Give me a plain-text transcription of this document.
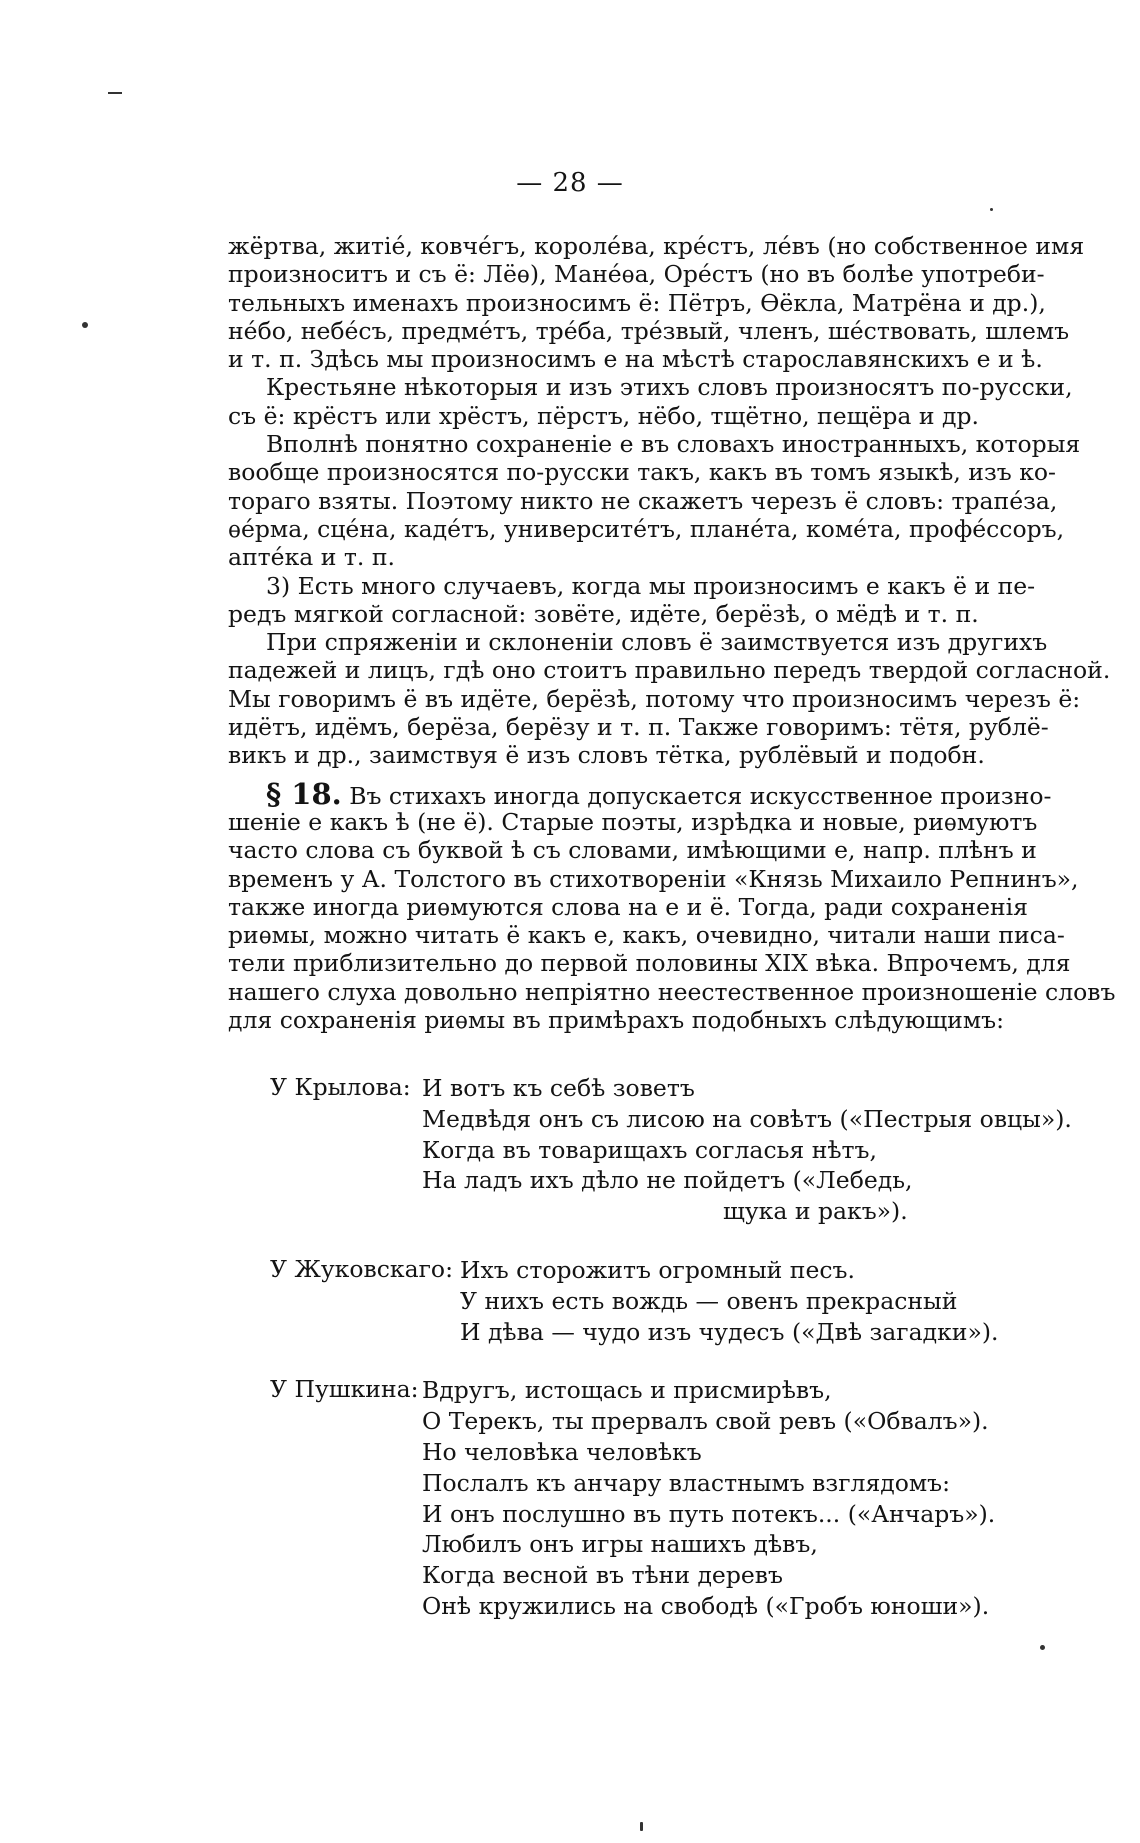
— 28 —
жёртва, житіé, ковчéгъ, королéва, крéстъ, лéвъ (но собственное имя
произноситъ и съ ё: Лёѳ), Манéѳа, Орéстъ (но въ болѣе употреби-
тельныхъ именахъ произносимъ ё: Пётръ, Ѳёкла, Матрёна и др.),
нéбо, небéсъ, предмéтъ, трéба, трéзвый, членъ, шéствовать, шлемъ
и т. п. Здѣсь мы произносимъ е на мѣстѣ старославянскихъ е и ѣ.
Крестьяне нѣкоторыя и изъ этихъ словъ произносятъ по-русски,
съ ё: крёстъ или хрёстъ, пёрстъ, нёбо, тщётно, пещёра и др.
Вполнѣ понятно сохраненіе е въ словахъ иностранныхъ, которыя
вообще произносятся по-русски такъ, какъ въ томъ языкѣ, изъ ко-
тораго взяты. Поэтому никто не скажетъ черезъ ё словъ: трапéза,
ѳéрма, сцéна, кадéтъ, университéтъ, планéта, комéта, профéссоръ,
аптéка и т. п.
3) Есть много случаевъ, когда мы произносимъ е какъ ё и пе-
редъ мягкой согласной: зовёте, идёте, берёзѣ, о мёдѣ и т. п.
При спряженіи и склоненіи словъ ё заимствуется изъ другихъ
падежей и лицъ, гдѣ оно стоитъ правильно передъ твердой согласной.
Мы говоримъ ё въ идёте, берёзѣ, потому что произносимъ черезъ ё:
идётъ, идёмъ, берёза, берёзу и т. п. Также говоримъ: тётя, рублё-
викъ и др., заимствуя ё изъ словъ тётка, рублёвый и подобн.
§ 18. Въ стихахъ иногда допускается искусственное произно-
шеніе е какъ ѣ (не ё). Старые поэты, изрѣдка и новые, риѳмуютъ
часто слова съ буквой ѣ съ словами, имѣющими е, напр. плѣнъ и
временъ у А. Толстого въ стихотвореніи «Князь Михаило Репнинъ»,
также иногда риѳмуются слова на е и ё. Тогда, ради сохраненія
риѳмы, можно читать ё какъ е, какъ, очевидно, читали наши писа-
тели приблизительно до первой половины XIX вѣка. Впрочемъ, для
нашего слуха довольно непріятно неестественное произношеніе словъ
для сохраненія риѳмы въ примѣрахъ подобныхъ слѣдующимъ:
У Крылова: И вотъ къ себѣ зоветъ
Медвѣдя онъ съ лисою на совѣтъ («Пестрыя овцы»).
Когда въ товарищахъ согласья нѣтъ,
На ладъ ихъ дѣло не пойдетъ («Лебедь,
щука и ракъ»).
У Жуковскаго: Ихъ сторожитъ огромный песъ.
У нихъ есть вождь — овенъ прекрасный
И дѣва — чудо изъ чудесъ («Двѣ загадки»).
У Пушкина: Вдругъ, истощась и присмирѣвъ,
О Терекъ, ты прервалъ свой ревъ («Обвалъ»).
Но человѣка человѣкъ
Послалъ къ анчару властнымъ взглядомъ:
И онъ послушно въ путь потекъ... («Анчаръ»).
Любилъ онъ игры нашихъ дѣвъ,
Когда весной въ тѣни деревъ
Онѣ кружились на свободѣ («Гробъ юноши»).
